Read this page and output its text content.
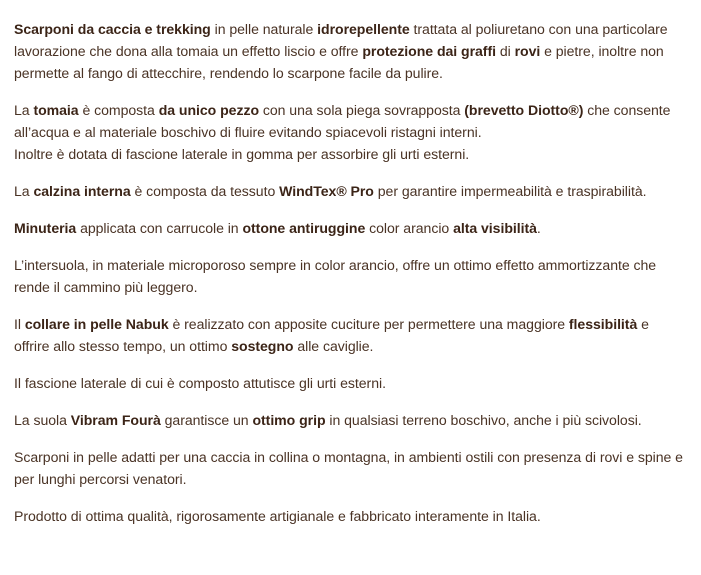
Scarponi da caccia e trekking in pelle naturale idrorepellente trattata al poliuretano con una particolare lavorazione che dona alla tomaia un effetto liscio e offre protezione dai graffi di rovi e pietre, inoltre non permette al fango di attecchire, rendendo lo scarpone facile da pulire.

La tomaia è composta da unico pezzo con una sola piega sovrapposta (brevetto Diotto®) che consente all’acqua e al materiale boschivo di fluire evitando spiacevoli ristagni interni.
Inoltre è dotata di fascione laterale in gomma per assorbire gli urti esterni.

La calzina interna è composta da tessuto WindTex® Pro per garantire impermeabilità e traspirabilità.

Minuteria applicata con carrucole in ottone antiruggine color arancio alta visibilità.

L’intersuola, in materiale microporoso sempre in color arancio, offre un ottimo effetto ammortizzante che rende il cammino più leggero.

Il collare in pelle Nabuk è realizzato con apposite cuciture per permettere una maggiore flessibilità e offrire allo stesso tempo, un ottimo sostegno alle caviglie.

Il fascione laterale di cui è composto attutisce gli urti esterni.

La suola Vibram Fourà garantisce un ottimo grip in qualsiasi terreno boschivo, anche i più scivolosi.

Scarponi in pelle adatti per una caccia in collina o montagna, in ambienti ostili con presenza di rovi e spine e per lunghi percorsi venatori.

Prodotto di ottima qualità, rigorosamente artigianale e fabbricato interamente in Italia.
